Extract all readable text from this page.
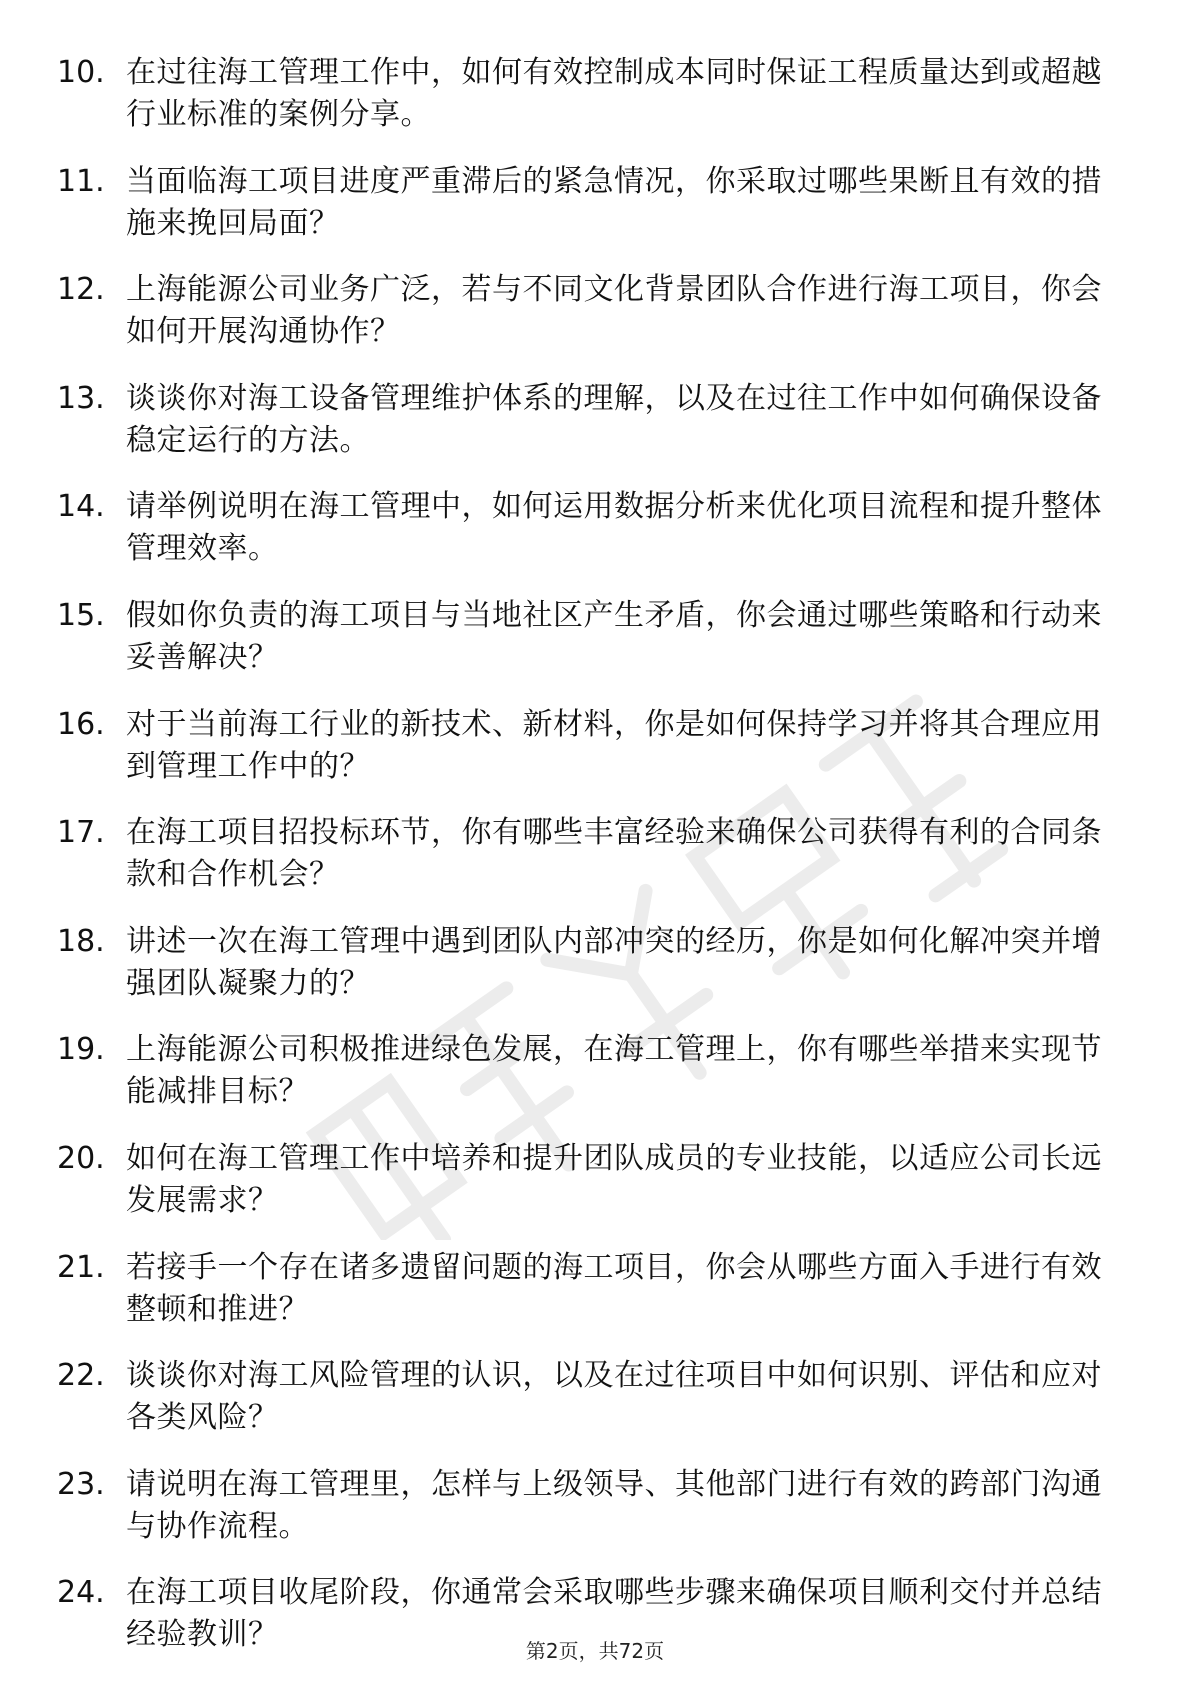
10. 在过往海工管理工作中，如何有效控制成本同时保证工程质量达到或超越行业标准的案例分享。
11. 当面临海工项目进度严重滞后的紧急情况，你采取过哪些果断且有效的措施来挽回局面？
12. 上海能源公司业务广泛，若与不同文化背景团队合作进行海工项目，你会如何开展沟通协作？
13. 谈谈你对海工设备管理维护体系的理解，以及在过往工作中如何确保设备稳定运行的方法。
14. 请举例说明在海工管理中，如何运用数据分析来优化项目流程和提升整体管理效率。
15. 假如你负责的海工项目与当地社区产生矛盾，你会通过哪些策略和行动来妥善解决？
16. 对于当前海工行业的新技术、新材料，你是如何保持学习并将其合理应用到管理工作中的？
17. 在海工项目招投标环节，你有哪些丰富经验来确保公司获得有利的合同条款和合作机会？
18. 讲述一次在海工管理中遇到团队内部冲突的经历，你是如何化解冲突并增强团队凝聚力的？
19. 上海能源公司积极推进绿色发展，在海工管理上，你有哪些举措来实现节能减排目标？
20. 如何在海工管理工作中培养和提升团队成员的专业技能，以适应公司长远发展需求？
21. 若接手一个存在诸多遗留问题的海工项目，你会从哪些方面入手进行有效整顿和推进？
22. 谈谈你对海工风险管理的认识，以及在过往项目中如何识别、评估和应对各类风险？
23. 请说明在海工管理里，怎样与上级领导、其他部门进行有效的跨部门沟通与协作流程。
24. 在海工项目收尾阶段，你通常会采取哪些步骤来确保项目顺利交付并总结经验教训？	第2页，共72页
